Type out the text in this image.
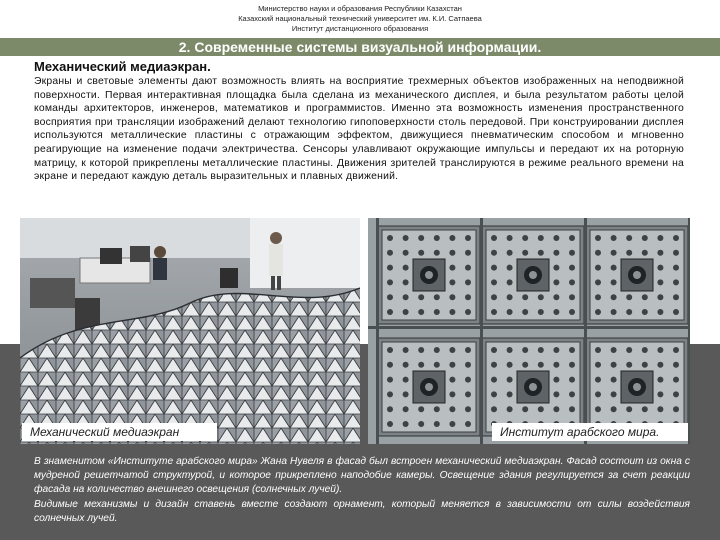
Министерство науки и образования Республики Казахстан
Казахский национальный технический университет им. К.И. Сатпаева
Институт дистанционного образования
2. Современные системы визуальной информации.
Механический медиаэкран.
Экраны и световые элементы дают возможность влиять на восприятие трехмерных объектов изображенных на неподвижной поверхности. Первая интерактивная площадка была сделана из механического дисплея, и была результатом работы целой команды архитекторов, инженеров, математиков и программистов. Именно эта возможность изменения пространственного восприятия при трансляции изображений делают технологию гипоповерхности столь передовой. При конструировании дисплея используются металлические пластины с отражающим эффектом, движущиеся пневматическим способом и мгновенно реагирующие на изменение подачи электричества. Сенсоры улавливают окружающие импульсы и передают их на роторную матрицу, к которой прикреплены металлические пластины. Движения зрителей транслируются в режиме реального времени на экране и передают каждую деталь выразительных и плавных движений.
Механический медиаэкран	Институт арабского мира.

В знаменитом «Институте арабского мира» Жана Нувеля в фасад был встроен механический медиаэкран. Фасад состоит из окна с мудреной решетчатой структурой, и которое прикреплено наподобие камеры. Освещение здания регулируется за счет реакции фасада на количество внешнего освещения (солнечных лучей).

Видимые механизмы и дизайн ставень вместе создают орнамент, который меняется в зависимости от силы воздействия солнечных лучей.
